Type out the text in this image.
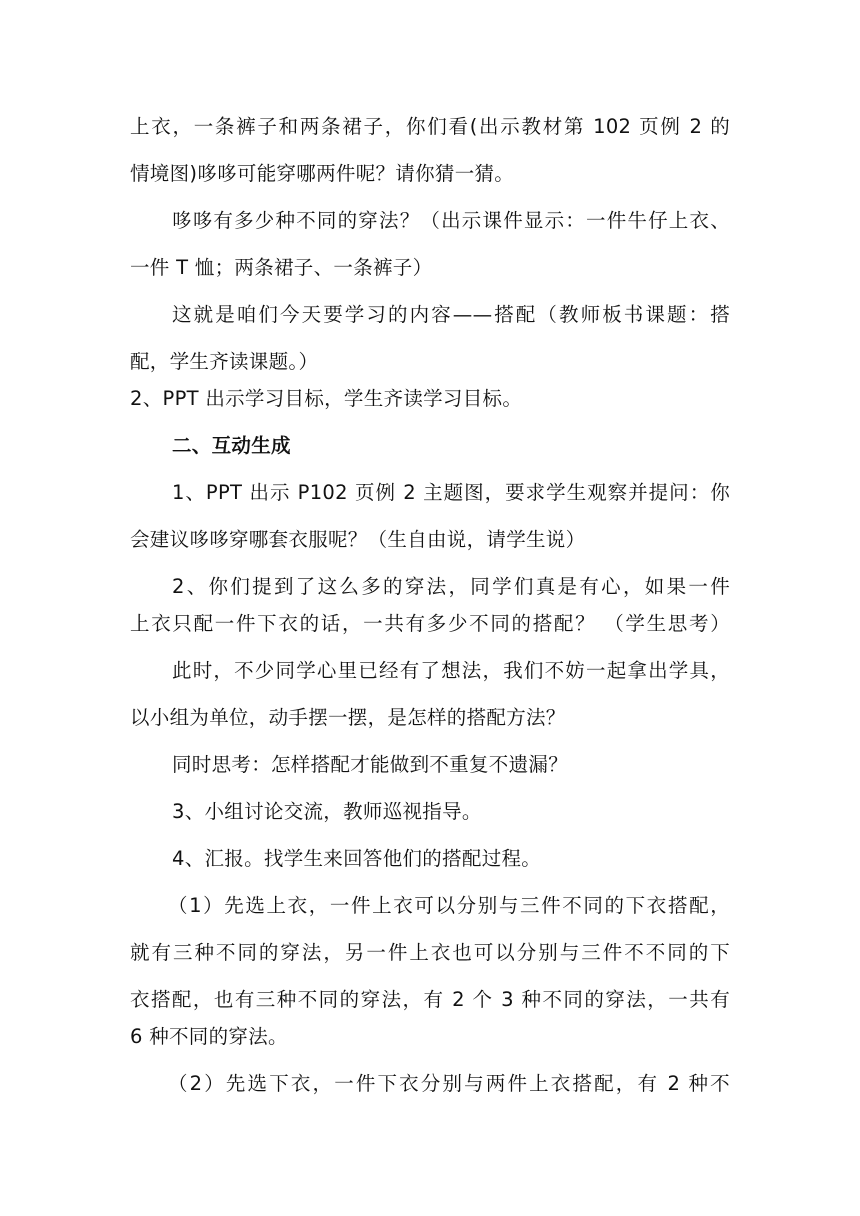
上衣，一条裤子和两条裙子，你们看(出示教材第 102 页例 2 的
情境图)哆哆可能穿哪两件呢？请你猜一猜。
哆哆有多少种不同的穿法？（出示课件显示：一件牛仔上衣、
一件 T 恤；两条裙子、一条裤子）
这就是咱们今天要学习的内容——搭配（教师板书课题：搭
配，学生齐读课题。）
2、PPT 出示学习目标，学生齐读学习目标。
二、互动生成
1、PPT 出示 P102 页例 2 主题图，要求学生观察并提问：你
会建议哆哆穿哪套衣服呢？（生自由说，请学生说）
2、你们提到了这么多的穿法，同学们真是有心，如果一件
上衣只配一件下衣的话，一共有多少不同的搭配？ （学生思考）
此时，不少同学心里已经有了想法，我们不妨一起拿出学具，
以小组为单位，动手摆一摆，是怎样的搭配方法？
同时思考：怎样搭配才能做到不重复不遗漏？
3、小组讨论交流，教师巡视指导。
4、汇报。找学生来回答他们的搭配过程。
（1）先选上衣，一件上衣可以分别与三件不同的下衣搭配，
就有三种不同的穿法，另一件上衣也可以分别与三件不不同的下
衣搭配，也有三种不同的穿法，有 2 个 3 种不同的穿法，一共有
6 种不同的穿法。
（2）先选下衣，一件下衣分别与两件上衣搭配，有 2 种不
